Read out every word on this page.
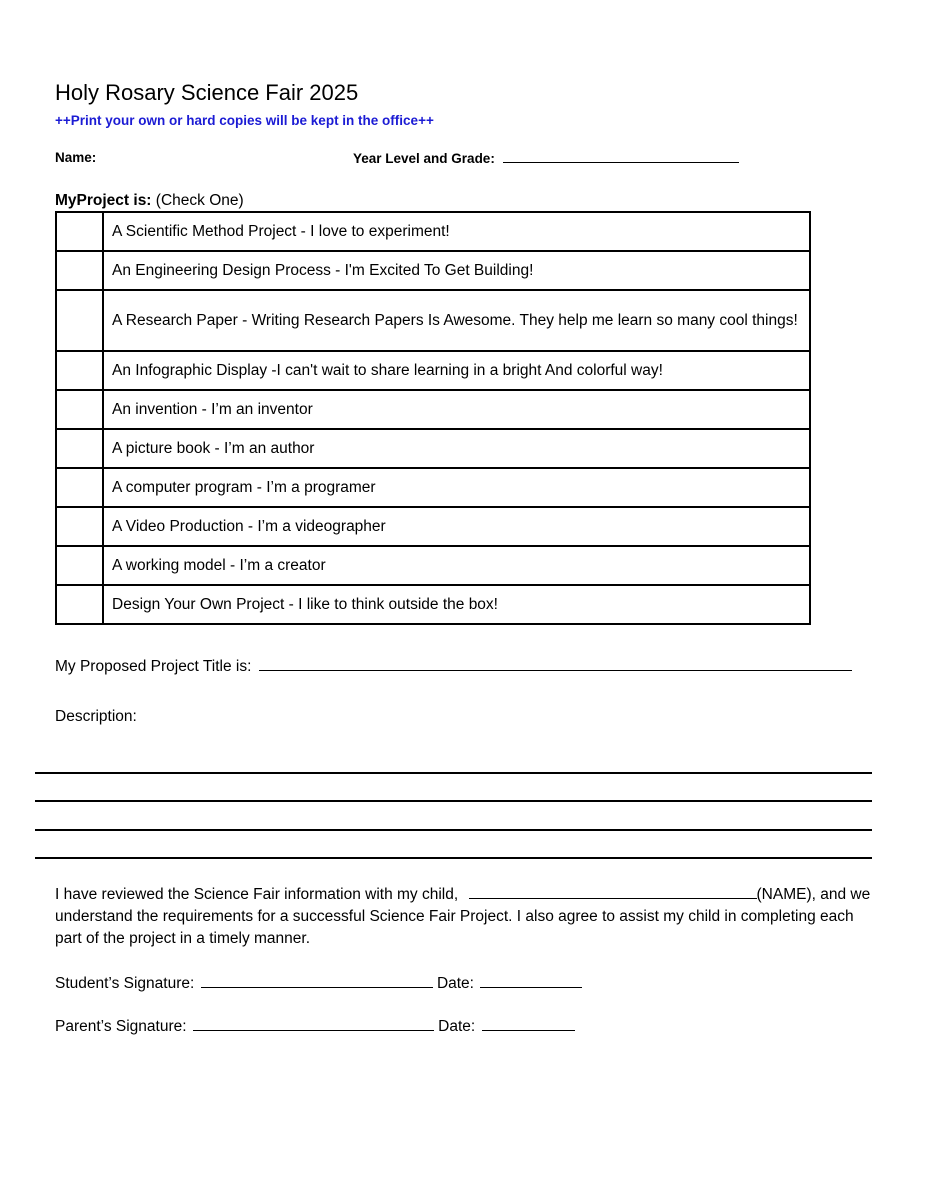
Holy Rosary Science Fair 2025
++Print your own or hard copies will be kept in the office++
Name:	Year Level and Grade:
MyProject is: (Check One)
	A Scientific Method Project - I love to experiment!
	An Engineering Design Process - I'm Excited To Get Building!
	A Research Paper - Writing Research Papers Is Awesome. They help me learn so many cool things!
	An Infographic Display -I can't wait to share learning in a bright And colorful way!
	An invention - I’m an inventor
	A picture book - I’m an author
	A computer program - I’m a programer
	A Video Production - I’m a videographer
	A working model - I’m a creator
	Design Your Own Project - I like to think outside the box!
My Proposed Project Title is:
Description:
I have reviewed the Science Fair information with my child,	(NAME), and we understand the requirements for a successful Science Fair Project. I also agree to assist my child in completing each part of the project in a timely manner.
Student’s Signature:	Date:
Parent’s Signature:	Date:
